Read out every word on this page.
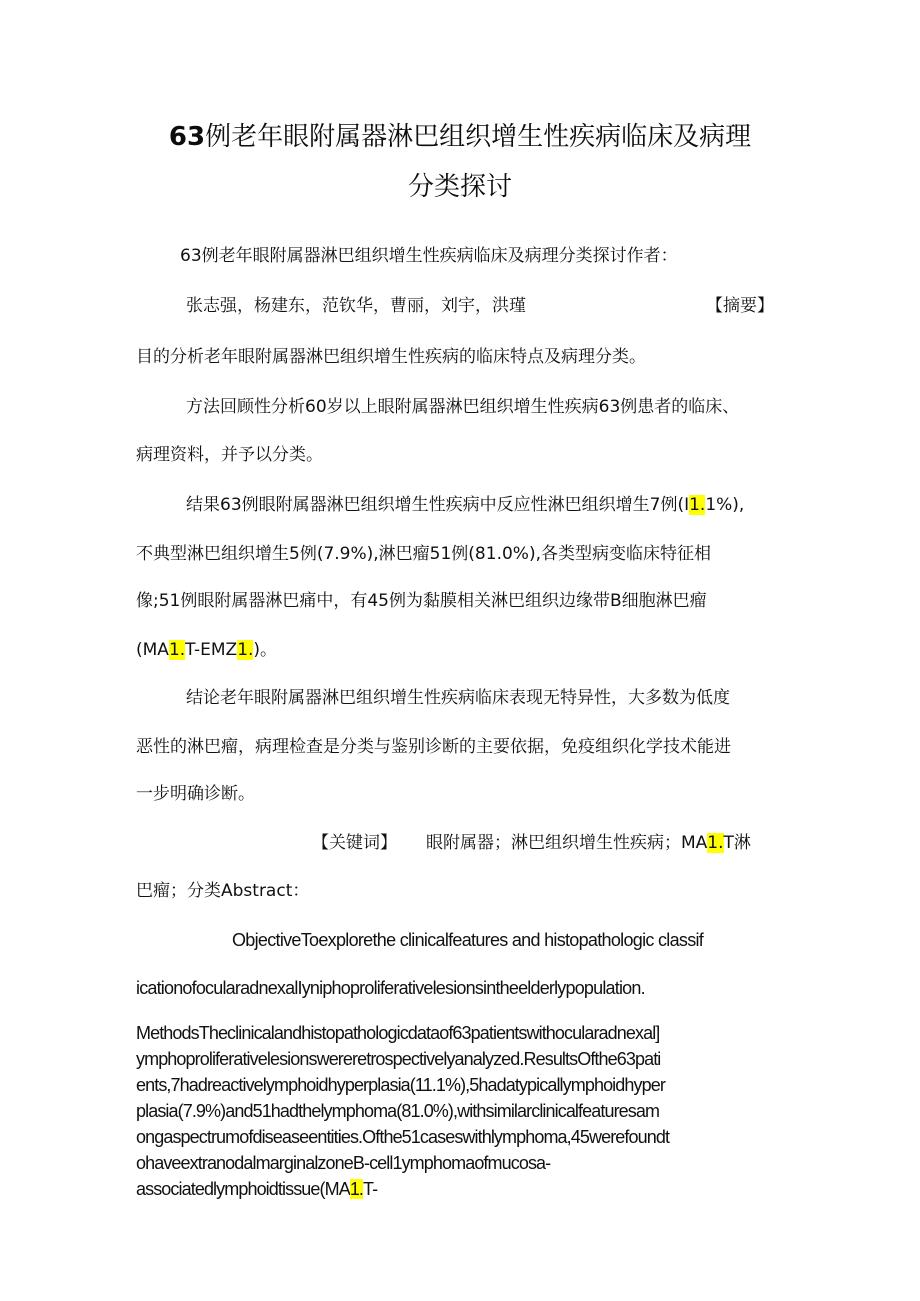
63例老年眼附属器淋巴组织增生性疾病临床及病理
分类探讨
63例老年眼附属器淋巴组织增生性疾病临床及病理分类探讨作者：
张志强，杨建东，范钦华，曹丽，刘宇，洪瑾	【摘要】
目的分析老年眼附属器淋巴组织增生性疾病的临床特点及病理分类。
方法回顾性分析60岁以上眼附属器淋巴组织增生性疾病63例患者的临床、
病理资料，并予以分类。
结果63例眼附属器淋巴组织增生性疾病中反应性淋巴组织增生7例(I1.1%),
不典型淋巴组织增生5例(7.9%),淋巴瘤51例(81.0%),各类型病变临床特征相
像;51例眼附属器淋巴痛中，有45例为黏膜相关淋巴组织边缘带B细胞淋巴瘤
(MA1.T-EMZ1.)。
结论老年眼附属器淋巴组织增生性疾病临床表现无特异性，大多数为低度
恶性的淋巴瘤，病理检查是分类与鉴别诊断的主要依据，免疫组织化学技术能进
一步明确诊断。
【关键词】 眼附属器；淋巴组织增生性疾病；MA1.T淋
巴瘤；分类Abstract：
ObjectiveToexplorethe clinicalfeatures and histopathologic classif
icationofocularadnexalIyniphoproliferativelesionsintheelderlypopulation.
MethodsTheclinicalandhistopathologicdataof63patientswithocularadnexal]
ymphoproliferativelesionswereretrospectivelyanalyzed.ResultsOfthe63pati
ents,7hadreactivelymphoidhyperplasia(11.1%),5hadatypicallymphoidhyper
plasia(7.9%)and51hadthelymphoma(81.0%),withsimilarclinicalfeaturesam
ongaspectrumofdiseaseentities.Ofthe51caseswithlymphoma,45werefoundt
ohaveextranodalmarginalzoneB-cell1ymphomaofmucosa-
associatedlymphoidtissue(MA1.T-
